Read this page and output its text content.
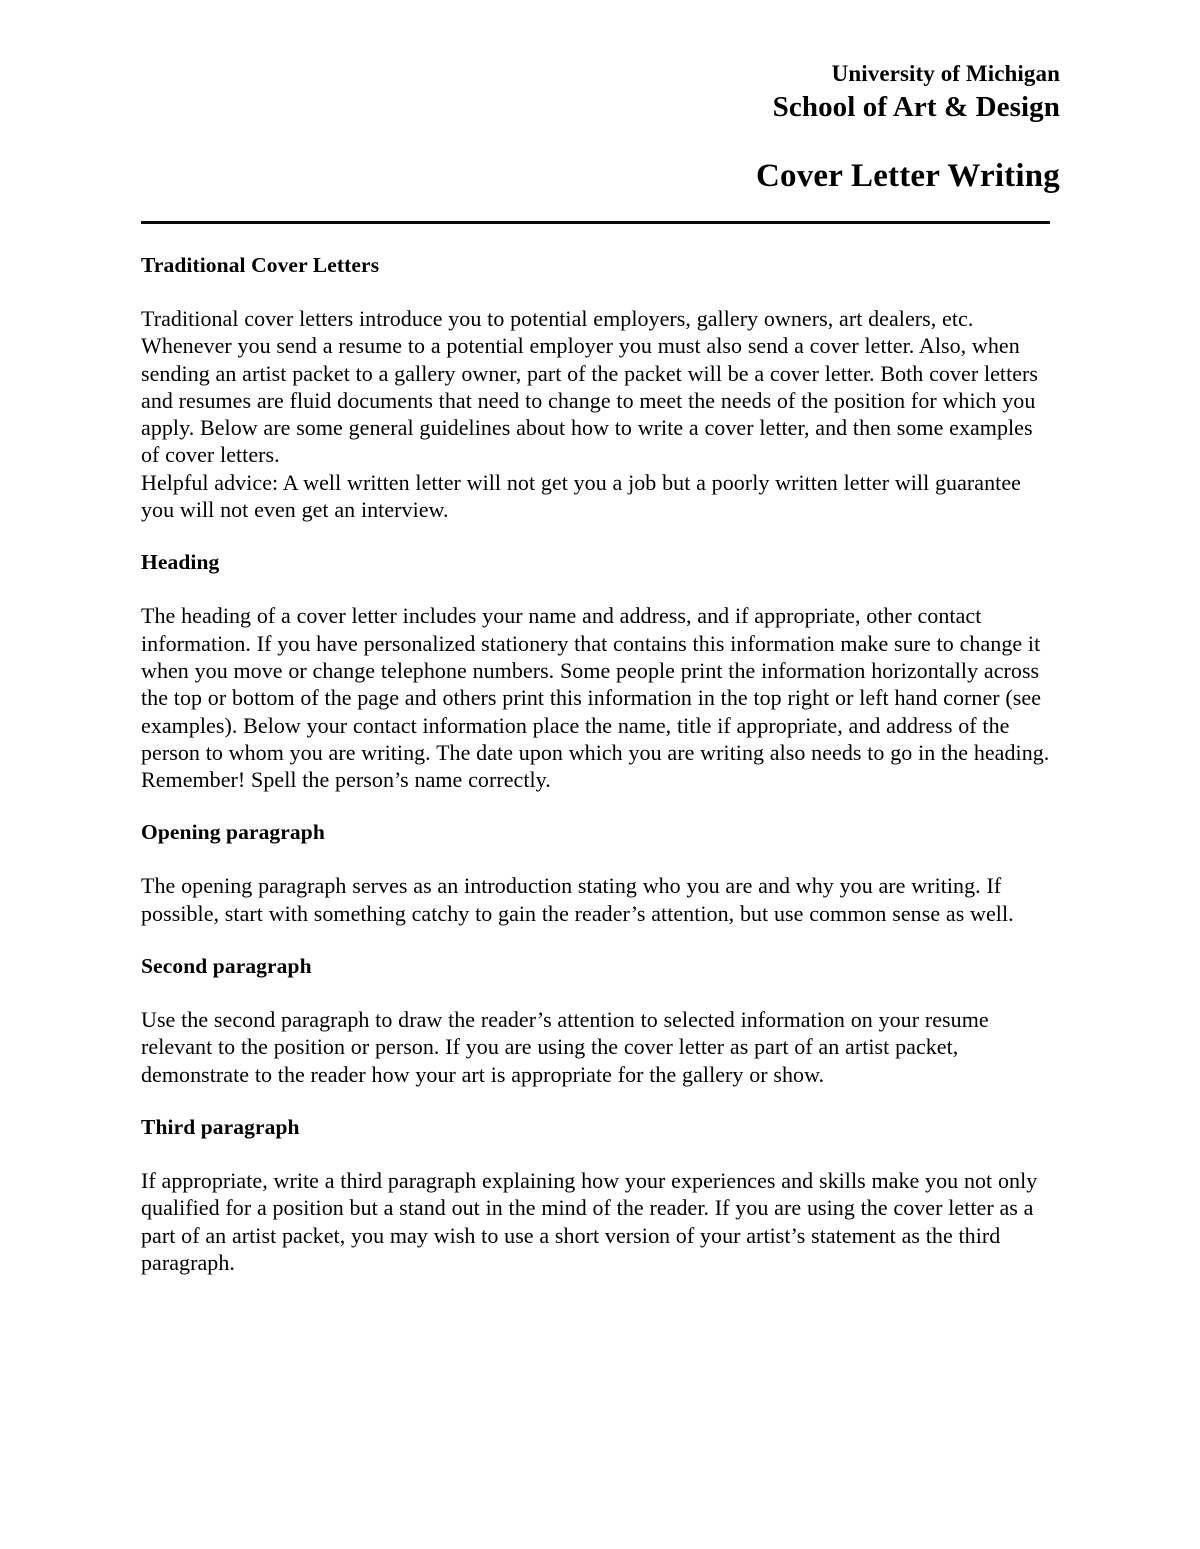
University of Michigan
School of Art & Design
Cover Letter Writing
Traditional Cover Letters

Traditional cover letters introduce you to potential employers, gallery owners, art dealers, etc. Whenever you send a resume to a potential employer you must also send a cover letter. Also, when sending an artist packet to a gallery owner, part of the packet will be a cover letter. Both cover letters and resumes are fluid documents that need to change to meet the needs of the position for which you apply. Below are some general guidelines about how to write a cover letter, and then some examples of cover letters.

Helpful advice: A well written letter will not get you a job but a poorly written letter will guarantee you will not even get an interview.

Heading

The heading of a cover letter includes your name and address, and if appropriate, other contact information. If you have personalized stationery that contains this information make sure to change it when you move or change telephone numbers. Some people print the information horizontally across the top or bottom of the page and others print this information in the top right or left hand corner (see examples). Below your contact information place the name, title if appropriate, and address of the person to whom you are writing. The date upon which you are writing also needs to go in the heading. Remember! Spell the person’s name correctly.

Opening paragraph

The opening paragraph serves as an introduction stating who you are and why you are writing. If possible, start with something catchy to gain the reader’s attention, but use common sense as well.

Second paragraph

Use the second paragraph to draw the reader’s attention to selected information on your resume relevant to the position or person. If you are using the cover letter as part of an artist packet, demonstrate to the reader how your art is appropriate for the gallery or show.

Third paragraph

If appropriate, write a third paragraph explaining how your experiences and skills make you not only qualified for a position but a stand out in the mind of the reader. If you are using the cover letter as a part of an artist packet, you may wish to use a short version of your artist’s statement as the third paragraph.
